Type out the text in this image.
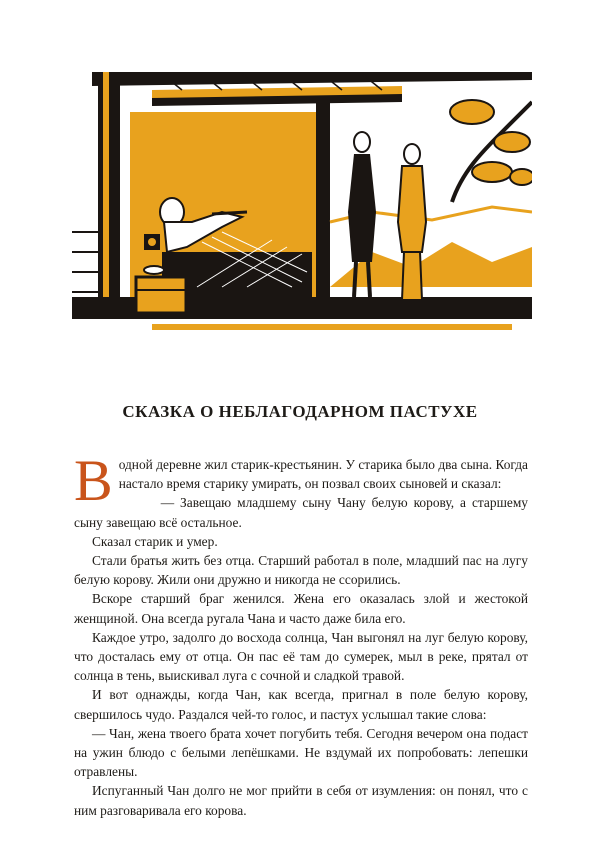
СКАЗКА О НЕБЛАГОДАРНОМ ПАСТУХЕ

Водной деревне жил старик-крестьянин. У старика было два сына. Когда настало время старику умирать, он позвал своих сыновей и сказал:

— Завещаю младшему сыну Чану белую корову, а старшему сыну завещаю всё остальное.

Сказал старик и умер.

Стали братья жить без отца. Старший работал в поле, младший пас на лугу белую корову. Жили они дружно и никогда не ссорились.

Вскоре старший браг женился. Жена его оказалась злой и жестокой женщиной. Она всегда ругала Чана и часто даже била его.

Каждое утро, задолго до восхода солнца, Чан выгонял на луг белую корову, что досталась ему от отца. Он пас её там до сумерек, мыл в реке, прятал от солнца в тень, выискивал луга с сочной и сладкой травой.

И вот однажды, когда Чан, как всегда, пригнал в поле белую корову, свершилось чудо. Раздался чей-то голос, и пастух услышал такие слова:

— Чан, жена твоего брата хочет погубить тебя. Сегодня вечером она подаст на ужин блюдо с белыми лепёшками. Не вздумай их попробовать: лепешки отравлены.

Испуганный Чан долго не мог прийти в себя от изумления: он понял, что с ним разговаривала его корова.
